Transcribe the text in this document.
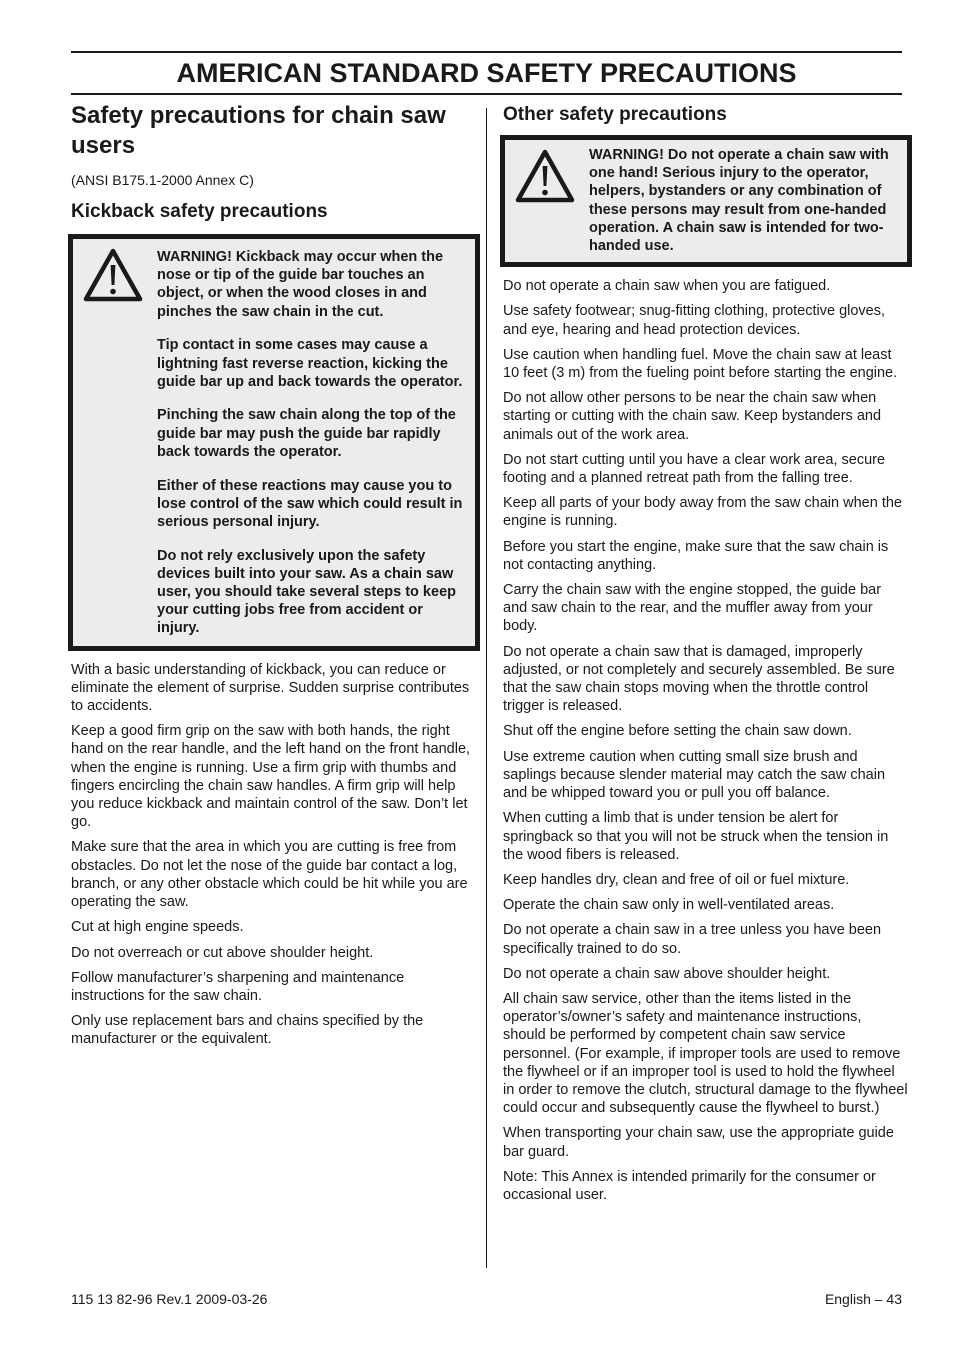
AMERICAN STANDARD SAFETY PRECAUTIONS
Safety precautions for chain saw users
(ANSI B175.1-2000 Annex C)
Kickback safety precautions

WARNING! Kickback may occur when the nose or tip of the guide bar touches an object, or when the wood closes in and pinches the saw chain in the cut.

Tip contact in some cases may cause a lightning fast reverse reaction, kicking the guide bar up and back towards the operator.

Pinching the saw chain along the top of the guide bar may push the guide bar rapidly back towards the operator.

Either of these reactions may cause you to lose control of the saw which could result in serious personal injury.

Do not rely exclusively upon the safety devices built into your saw. As a chain saw user, you should take several steps to keep your cutting jobs free from accident or injury.

With a basic understanding of kickback, you can reduce or eliminate the element of surprise. Sudden surprise contributes to accidents.

Keep a good firm grip on the saw with both hands, the right hand on the rear handle, and the left hand on the front handle, when the engine is running. Use a firm grip with thumbs and fingers encircling the chain saw handles. A firm grip will help you reduce kickback and maintain control of the saw. Don’t let go.

Make sure that the area in which you are cutting is free from obstacles. Do not let the nose of the guide bar contact a log, branch, or any other obstacle which could be hit while you are operating the saw.

Cut at high engine speeds.

Do not overreach or cut above shoulder height.

Follow manufacturer’s sharpening and maintenance instructions for the saw chain.

Only use replacement bars and chains specified by the manufacturer or the equivalent.

Other safety precautions

WARNING! Do not operate a chain saw with one hand! Serious injury to the operator, helpers, bystanders or any combination of these persons may result from one-handed operation. A chain saw is intended for two-handed use.

Do not operate a chain saw when you are fatigued.

Use safety footwear; snug-fitting clothing, protective gloves, and eye, hearing and head protection devices.

Use caution when handling fuel. Move the chain saw at least 10 feet (3 m) from the fueling point before starting the engine.

Do not allow other persons to be near the chain saw when starting or cutting with the chain saw. Keep bystanders and animals out of the work area.

Do not start cutting until you have a clear work area, secure footing and a planned retreat path from the falling tree.

Keep all parts of your body away from the saw chain when the engine is running.

Before you start the engine, make sure that the saw chain is not contacting anything.

Carry the chain saw with the engine stopped, the guide bar and saw chain to the rear, and the muffler away from your body.

Do not operate a chain saw that is damaged, improperly adjusted, or not completely and securely assembled. Be sure that the saw chain stops moving when the throttle control trigger is released.

Shut off the engine before setting the chain saw down.

Use extreme caution when cutting small size brush and saplings because slender material may catch the saw chain and be whipped toward you or pull you off balance.

When cutting a limb that is under tension be alert for springback so that you will not be struck when the tension in the wood fibers is released.

Keep handles dry, clean and free of oil or fuel mixture.

Operate the chain saw only in well-ventilated areas.

Do not operate a chain saw in a tree unless you have been specifically trained to do so.

Do not operate a chain saw above shoulder height.

All chain saw service, other than the items listed in the operator’s/owner’s safety and maintenance instructions, should be performed by competent chain saw service personnel. (For example, if improper tools are used to remove the flywheel or if an improper tool is used to hold the flywheel in order to remove the clutch, structural damage to the flywheel could occur and subsequently cause the flywheel to burst.)

When transporting your chain saw, use the appropriate guide bar guard.

Note: This Annex is intended primarily for the consumer or occasional user.

115 13 82-96 Rev.1 2009-03-26	English – 43
